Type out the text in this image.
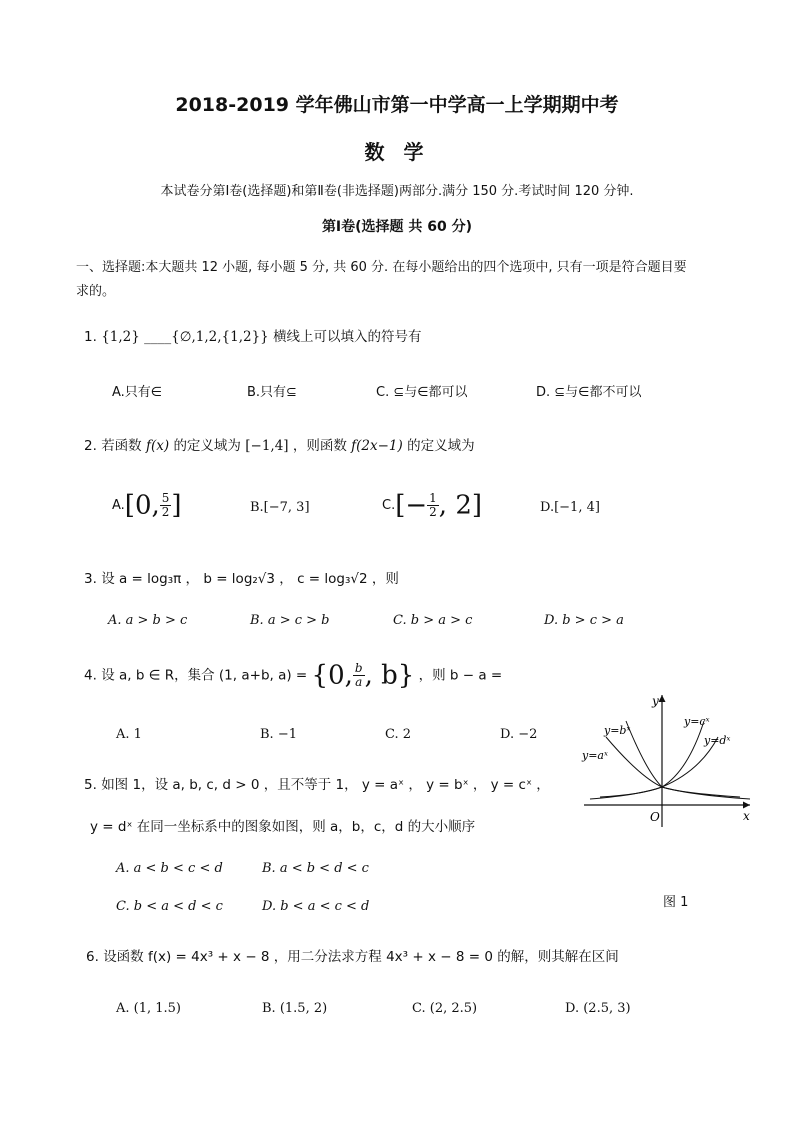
2018-2019 学年佛山市第一中学高一上学期期中考
数 学
本试卷分第Ⅰ卷(选择题)和第Ⅱ卷(非选择题)两部分.满分 150 分.考试时间 120 分钟.
第Ⅰ卷(选择题 共 60 分)
一、选择题:本大题共 12 小题, 每小题 5 分, 共 60 分. 在每小题给出的四个选项中, 只有一项是符合题目要
求的。
1. {1,2} ____{∅,1,2,{1,2}} 横线上可以填入的符号有
A.只有∈	B.只有⊆	C. ⊆与∈都可以	D. ⊆与∈都不可以
2. 若函数 f(x) 的定义域为 [−1,4] ，则函数 f(2x−1) 的定义域为
A.[0, $\frac{5}{2}$ ]	B.[−7, 3]	$C.[- \frac{1}{2}$ , 2]	D.[−1, 4]
3. 设 a = log₃π ， b = log₂√3 ， c = log₃√2 ，则
A. a > b > c	B. a > c > b	C. b > a > c	D. b > c > a
4. 设 a, b ∈ R，集合 (1, a+b, a) = {0, $\frac{b}{a}$ , b} ，则 b − a =
A. 1	B. −1	C. 2	D. −2
5. 如图 1，设 a, b, c, d > 0 ，且不等于 1， y = aˣ ， y = bˣ ， y = cˣ ，
y = dˣ 在同一坐标系中的图象如图，则 a，b，c，d 的大小顺序
A. a < b < c < d	B. a < b < d < c
C. b < a < d < c	D. b < a < c < d
6. 设函数 f(x) = 4x³ + x − 8 ，用二分法求方程 4x³ + x − 8 = 0 的解，则其解在区间
A. (1, 1.5)	B. (1.5, 2)	C. (2, 2.5)	D. (2.5, 3)
y
x
O
y=aˣ
y=bˣ
y=cˣ
y=dˣ
图 1
